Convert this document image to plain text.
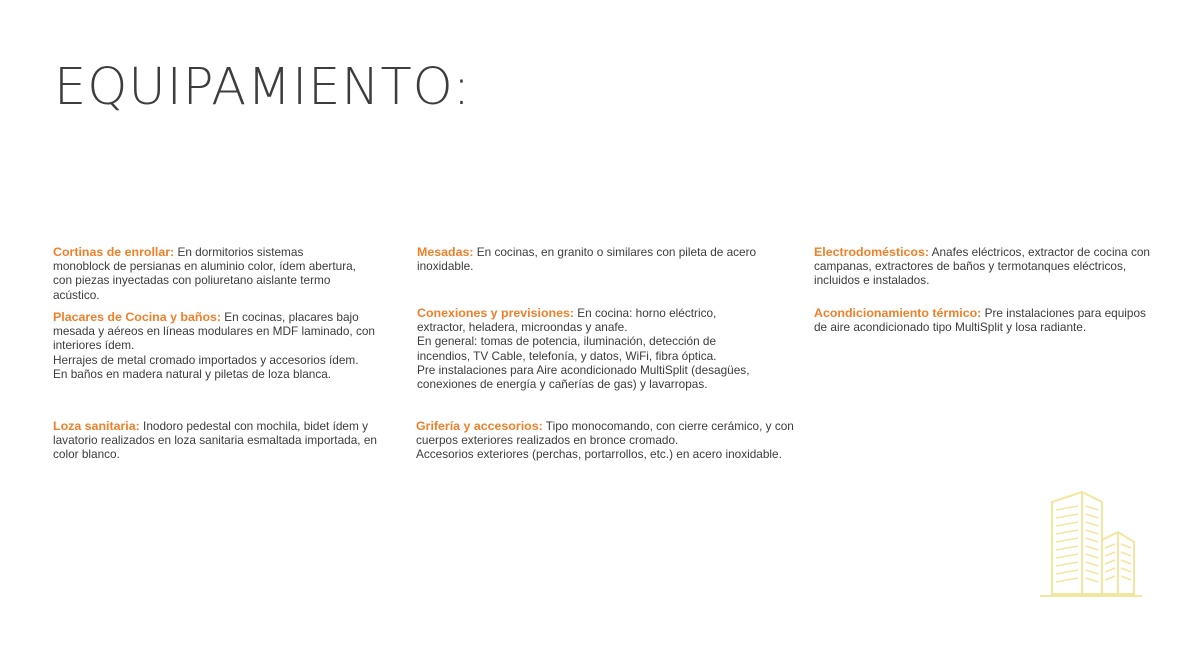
EQUIPAMIENTO:

Cortinas de enrollar: En dormitorios sistemas monoblock de persianas en aluminio color, ídem abertura, con piezas inyectadas con poliuretano aislante termo acústico.

Placares de Cocina y baños: En cocinas, placares bajo mesada y aéreos en líneas modulares en MDF laminado, con interiores ídem.

Herrajes de metal cromado importados y accesorios ídem.

En baños en madera natural y piletas de loza blanca.

Loza sanitaria: Inodoro pedestal con mochila, bidet ídem y lavatorio realizados en loza sanitaria esmaltada importada, en color blanco.

Mesadas: En cocinas, en granito o similares con pileta de acero inoxidable.

Conexiones y previsiones: En cocina: horno eléctrico, extractor, heladera, microondas y anafe.

En general: tomas de potencia, iluminación, detección de incendios, TV Cable, telefonía, y datos, WiFi, fibra óptica.

Pre instalaciones para Aire acondicionado MultiSplit (desagües, conexiones de energía y cañerías de gas) y lavarropas.

Grifería y accesorios: Tipo monocomando, con cierre cerámico, y con cuerpos exteriores realizados en bronce cromado.

Accesorios exteriores (perchas, portarrollos, etc.) en acero inoxidable.

Electrodomésticos: Anafes eléctricos, extractor de cocina con campanas, extractores de baños y termotanques eléctricos, incluidos e instalados.

Acondicionamiento térmico: Pre instalaciones para equipos de aire acondicionado tipo MultiSplit y losa radiante.
